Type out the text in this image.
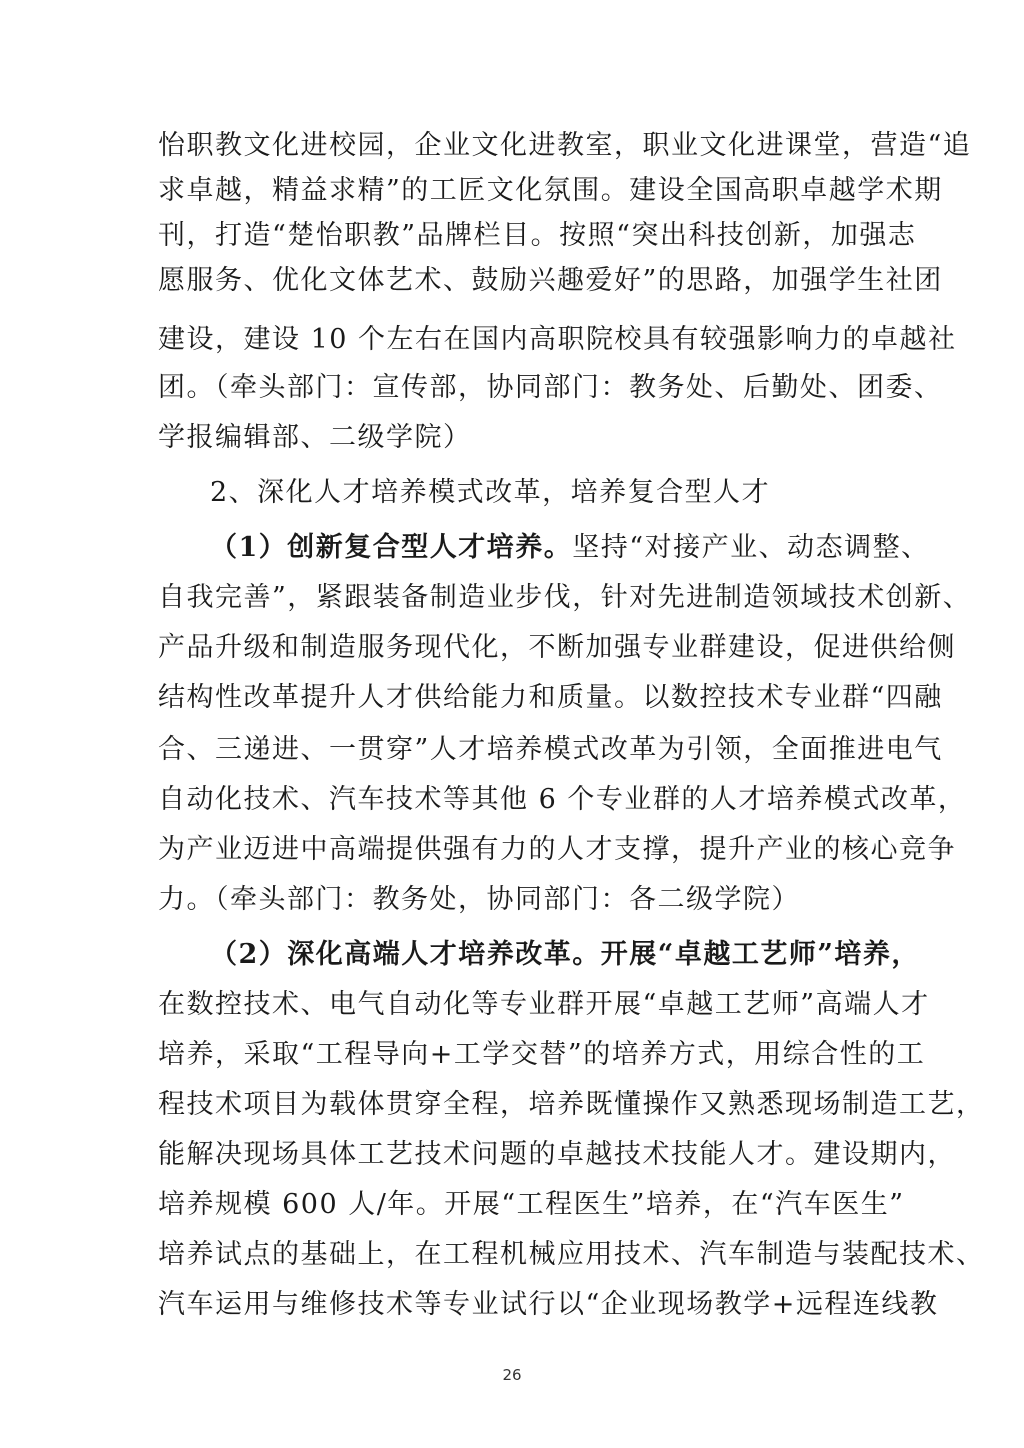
怡职教文化进校园，企业文化进教室，职业文化进课堂，营造“追
求卓越，精益求精”的工匠文化氛围。建设全国高职卓越学术期
刊，打造“楚怡职教”品牌栏目。按照“突出科技创新，加强志
愿服务、优化文体艺术、鼓励兴趣爱好”的思路，加强学生社团
建设，建设 10 个左右在国内高职院校具有较强影响力的卓越社
团。（牵头部门：宣传部，协同部门：教务处、后勤处、团委、
学报编辑部、二级学院）
2、深化人才培养模式改革，培养复合型人才
（1）创新复合型人才培养。坚持“对接产业、动态调整、
自我完善”，紧跟装备制造业步伐，针对先进制造领域技术创新、
产品升级和制造服务现代化，不断加强专业群建设，促进供给侧
结构性改革提升人才供给能力和质量。以数控技术专业群“四融
合、三递进、一贯穿”人才培养模式改革为引领，全面推进电气
自动化技术、汽车技术等其他 6 个专业群的人才培养模式改革，
为产业迈进中高端提供强有力的人才支撑，提升产业的核心竞争
力。（牵头部门：教务处，协同部门：各二级学院）
（2）深化高端人才培养改革。开展“卓越工艺师”培养，
在数控技术、电气自动化等专业群开展“卓越工艺师”高端人才
培养，采取“工程导向+工学交替”的培养方式，用综合性的工
程技术项目为载体贯穿全程，培养既懂操作又熟悉现场制造工艺，
能解决现场具体工艺技术问题的卓越技术技能人才。建设期内，
培养规模 600 人/年。开展“工程医生”培养，在“汽车医生”
培养试点的基础上，在工程机械应用技术、汽车制造与装配技术、
汽车运用与维修技术等专业试行以“企业现场教学+远程连线教
26
